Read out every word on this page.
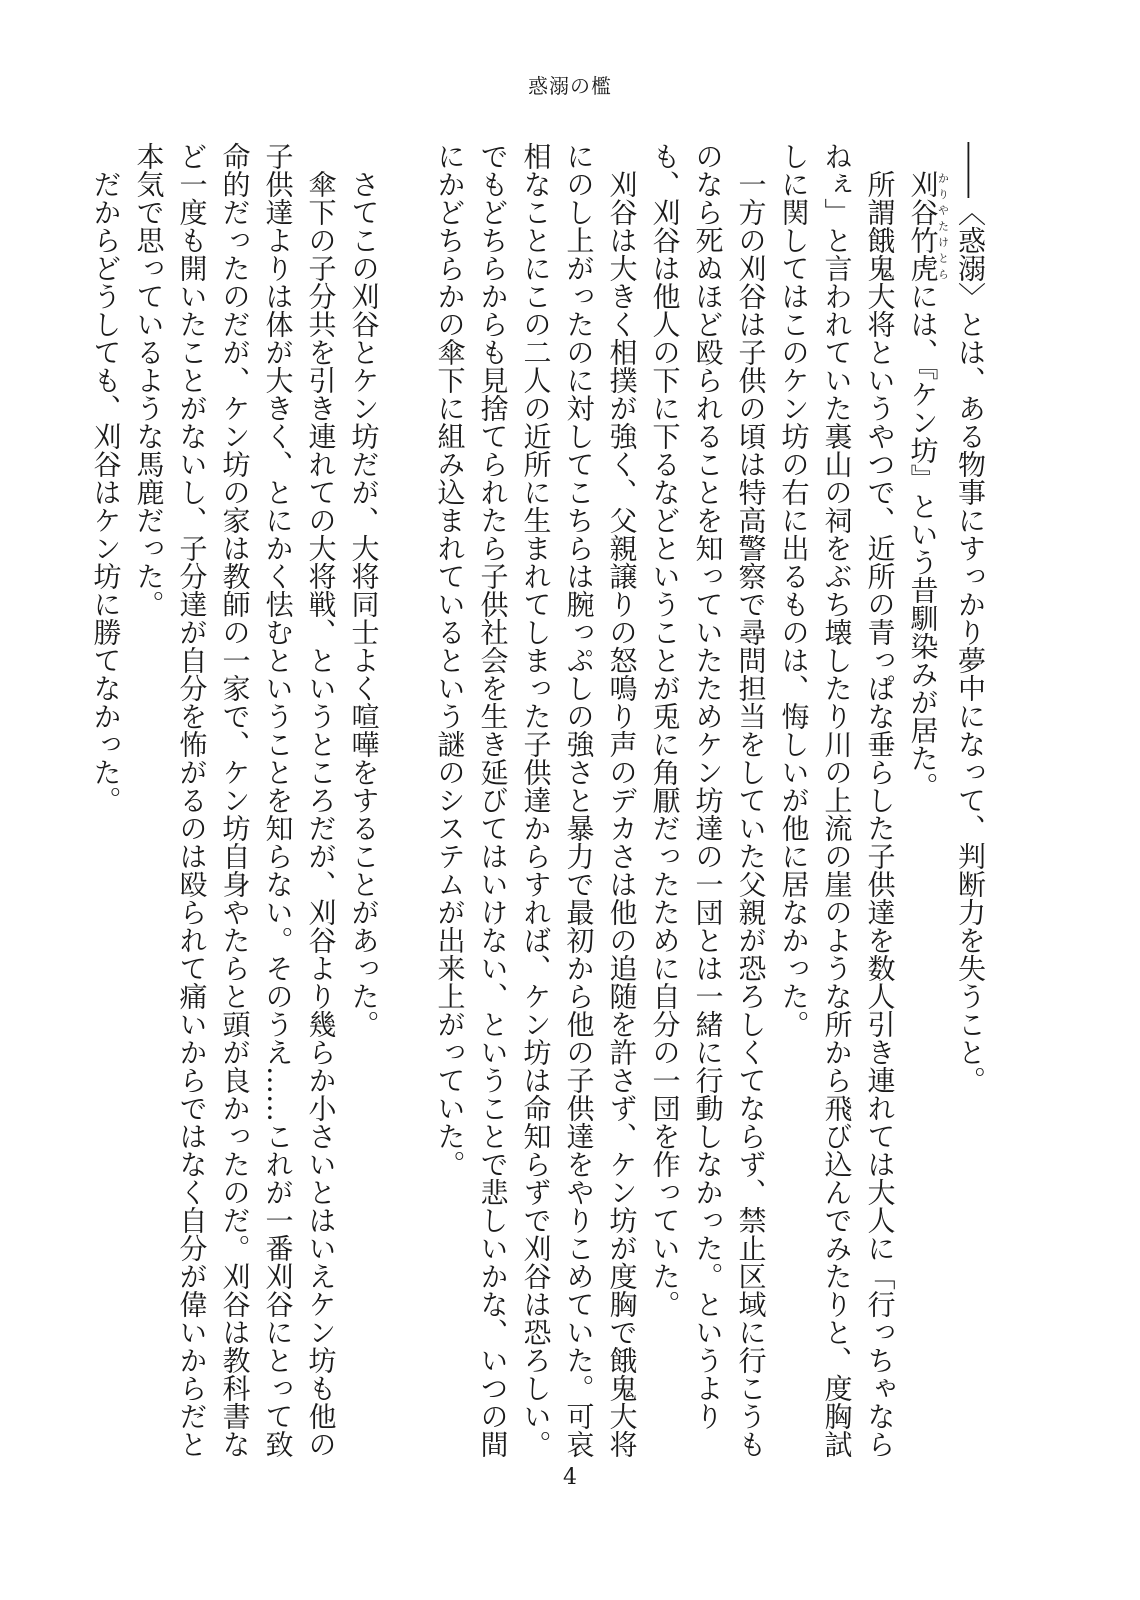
惑溺の檻

――〈惑溺〉とは、ある物事にすっかり夢中になって、判断力を失うこと。

刈谷竹虎かりやたけとらには、『ケン坊』という昔馴染みが居た。

所謂餓鬼大将というやつで、近所の青っぱな垂らした子供達を数人引き連れては大人に「行っちゃならねぇ」と言われていた裏山の祠をぶち壊したり川の上流の崖のような所から飛び込んでみたりと、度胸試しに関してはこのケン坊の右に出るものは、悔しいが他に居なかった。

一方の刈谷は子供の頃は特高警察で尋問担当をしていた父親が恐ろしくてならず、禁止区域に行こうものなら死ぬほど殴られることを知っていたためケン坊達の一団とは一緒に行動しなかった。というよりも、刈谷は他人の下に下るなどということが兎に角厭だったために自分の一団を作っていた。

刈谷は大きく相撲が強く、父親譲りの怒鳴り声のデカさは他の追随を許さず、ケン坊が度胸で餓鬼大将にのし上がったのに対してこちらは腕っぷしの強さと暴力で最初から他の子供達をやりこめていた。可哀相なことにこの二人の近所に生まれてしまった子供達からすれば、ケン坊は命知らずで刈谷は恐ろしい。でもどちらからも見捨てられたら子供社会を生き延びてはいけない、ということで悲しいかな、いつの間にかどちらかの傘下に組み込まれているという謎のシステムが出来上がっていた。

さてこの刈谷とケン坊だが、大将同士よく喧嘩をすることがあった。

傘下の子分共を引き連れての大将戦、というところだが、刈谷より幾らか小さいとはいえケン坊も他の子供達よりは体が大きく、とにかく怯むということを知らない。そのうえ……これが一番刈谷にとって致命的だったのだが、ケン坊の家は教師の一家で、ケン坊自身やたらと頭が良かったのだ。刈谷は教科書など一度も開いたことがないし、子分達が自分を怖がるのは殴られて痛いからではなく自分が偉いからだと本気で思っているような馬鹿だった。

だからどうしても、刈谷はケン坊に勝てなかった。

4
